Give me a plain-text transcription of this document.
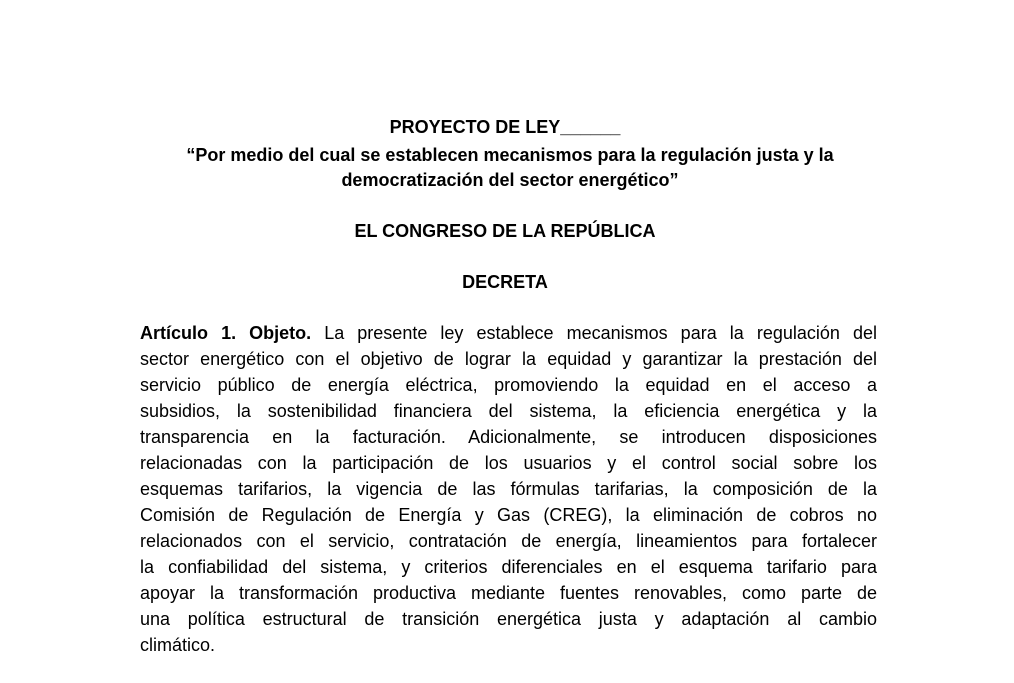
PROYECTO DE LEY______
“Por medio del cual se establecen mecanismos para la regulación justa y la
democratización del sector energético”
EL CONGRESO DE LA REPÚBLICA
DECRETA
Artículo 1. Objeto. La presente ley establece mecanismos para la regulación del
sector energético con el objetivo de lograr la equidad y garantizar la prestación del
servicio público de energía eléctrica, promoviendo la equidad en el acceso a
subsidios, la sostenibilidad financiera del sistema, la eficiencia energética y la
transparencia en la facturación. Adicionalmente, se introducen disposiciones
relacionadas con la participación de los usuarios y el control social sobre los
esquemas tarifarios, la vigencia de las fórmulas tarifarias, la composición de la
Comisión de Regulación de Energía y Gas (CREG), la eliminación de cobros no
relacionados con el servicio, contratación de energía, lineamientos para fortalecer
la confiabilidad del sistema, y criterios diferenciales en el esquema tarifario para
apoyar la transformación productiva mediante fuentes renovables, como parte de
una política estructural de transición energética justa y adaptación al cambio
climático.
